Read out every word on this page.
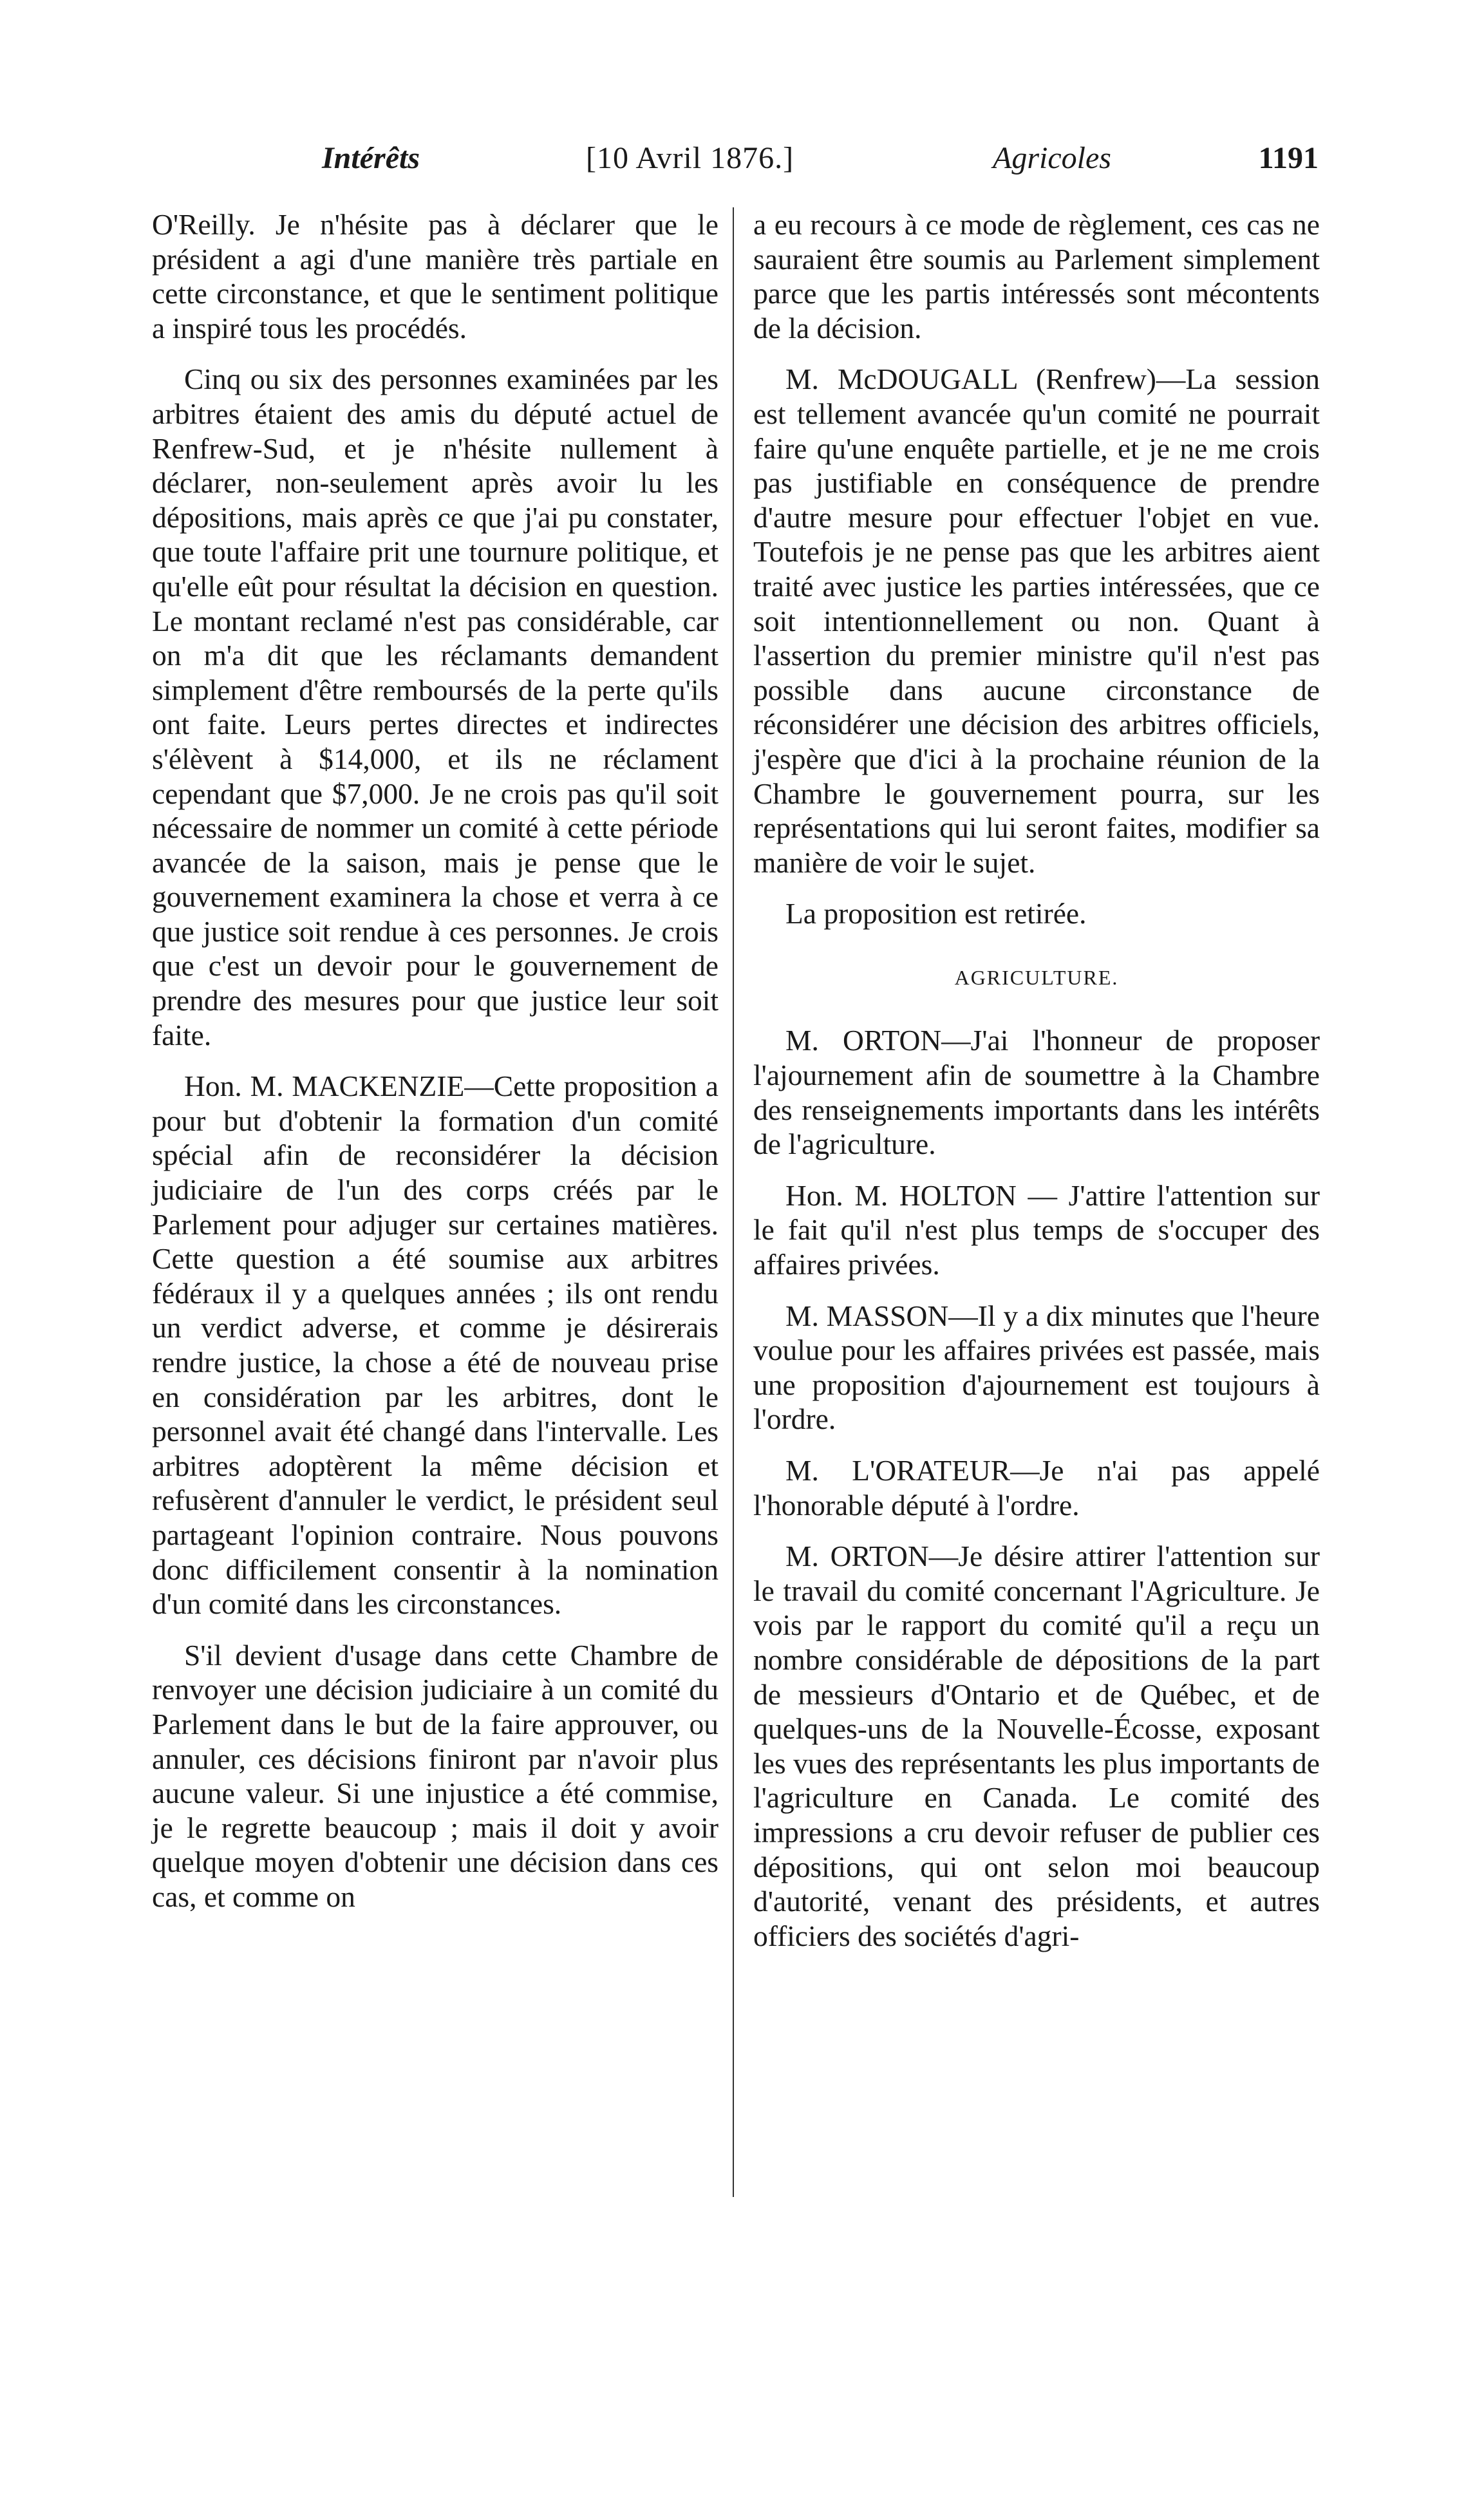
Intérêts	[10 Avril 1876.]	Agricoles	1191

O'Reilly. Je n'hésite pas à déclarer que le président a agi d'une manière très partiale en cette circonstance, et que le sentiment politique a inspiré tous les procédés.

Cinq ou six des personnes examinées par les arbitres étaient des amis du député actuel de Renfrew-Sud, et je n'hésite nullement à déclarer, non-seulement après avoir lu les dépositions, mais après ce que j'ai pu constater, que toute l'affaire prit une tournure politique, et qu'elle eût pour résultat la décision en question. Le montant reclamé n'est pas considérable, car on m'a dit que les réclamants demandent simplement d'être remboursés de la perte qu'ils ont faite. Leurs pertes directes et indirectes s'élèvent à $14,000, et ils ne réclament cependant que $7,000. Je ne crois pas qu'il soit nécessaire de nommer un comité à cette période avancée de la saison, mais je pense que le gouvernement examinera la chose et verra à ce que justice soit rendue à ces personnes. Je crois que c'est un devoir pour le gouvernement de prendre des mesures pour que justice leur soit faite.

Hon. M. MACKENZIE—Cette proposition a pour but d'obtenir la formation d'un comité spécial afin de reconsidérer la décision judiciaire de l'un des corps créés par le Parlement pour adjuger sur certaines matières. Cette question a été soumise aux arbitres fédéraux il y a quelques années ; ils ont rendu un verdict adverse, et comme je désirerais rendre justice, la chose a été de nouveau prise en considération par les arbitres, dont le personnel avait été changé dans l'intervalle. Les arbitres adoptèrent la même décision et refusèrent d'annuler le verdict, le président seul partageant l'opinion contraire. Nous pouvons donc difficilement consentir à la nomination d'un comité dans les circonstances.

S'il devient d'usage dans cette Chambre de renvoyer une décision judiciaire à un comité du Parlement dans le but de la faire approuver, ou annuler, ces décisions finiront par n'avoir plus aucune valeur. Si une injustice a été commise, je le regrette beaucoup ; mais il doit y avoir quelque moyen d'obtenir une décision dans ces cas, et comme on

a eu recours à ce mode de règlement, ces cas ne sauraient être soumis au Parlement simplement parce que les partis intéressés sont mécontents de la décision.

M. McDOUGALL (Renfrew)—La session est tellement avancée qu'un comité ne pourrait faire qu'une enquête partielle, et je ne me crois pas justifiable en conséquence de prendre d'autre mesure pour effectuer l'objet en vue. Toutefois je ne pense pas que les arbitres aient traité avec justice les parties intéressées, que ce soit intentionnellement ou non. Quant à l'assertion du premier ministre qu'il n'est pas possible dans aucune circonstance de réconsidérer une décision des arbitres officiels, j'espère que d'ici à la prochaine réunion de la Chambre le gouvernement pourra, sur les représentations qui lui seront faites, modifier sa manière de voir le sujet.

La proposition est retirée.

AGRICULTURE.

M. ORTON—J'ai l'honneur de proposer l'ajournement afin de soumettre à la Chambre des renseignements importants dans les intérêts de l'agriculture.

Hon. M. HOLTON — J'attire l'attention sur le fait qu'il n'est plus temps de s'occuper des affaires privées.

M. MASSON—Il y a dix minutes que l'heure voulue pour les affaires privées est passée, mais une proposition d'ajournement est toujours à l'ordre.

M. L'ORATEUR—Je n'ai pas appelé l'honorable député à l'ordre.

M. ORTON—Je désire attirer l'attention sur le travail du comité concernant l'Agriculture. Je vois par le rapport du comité qu'il a reçu un nombre considérable de dépositions de la part de messieurs d'Ontario et de Québec, et de quelques-uns de la Nouvelle-Écosse, exposant les vues des représentants les plus importants de l'agriculture en Canada. Le comité des impressions a cru devoir refuser de publier ces dépositions, qui ont selon moi beaucoup d'autorité, venant des présidents, et autres officiers des sociétés d'agri-
